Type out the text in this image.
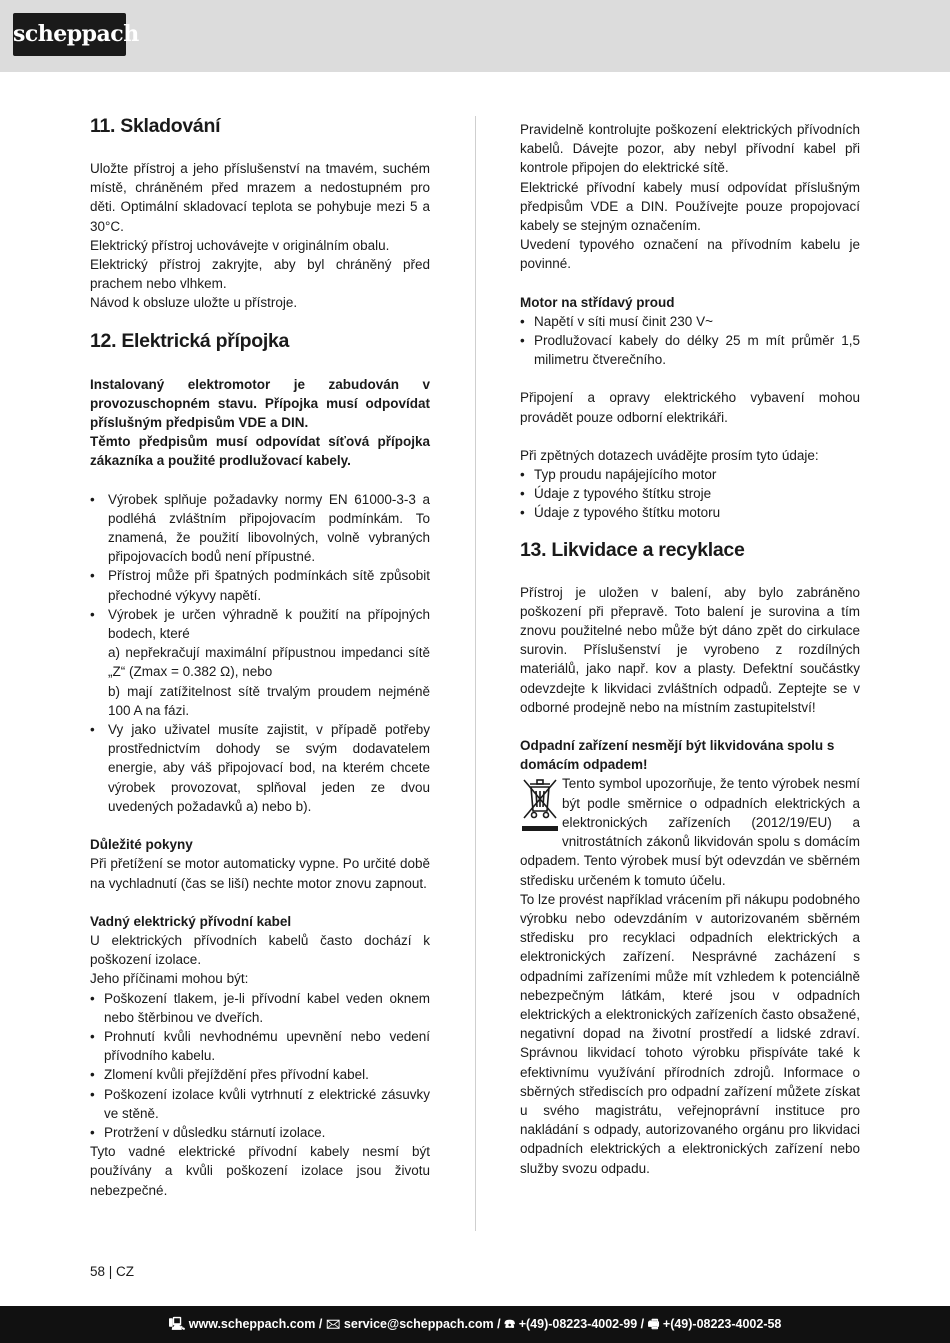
scheppach
11. Skladování

Uložte přístroj a jeho příslušenství na tmavém, suchém místě, chráněném před mrazem a nedostupném pro děti. Optimální skladovací teplota se pohybuje mezi 5 a 30°C.

Elektrický přístroj uchovávejte v originálním obalu.

Elektrický přístroj zakryjte, aby byl chráněný před prachem nebo vlhkem.

Návod k obsluze uložte u přístroje.

12. Elektrická přípojka

Instalovaný elektromotor je zabudován v provozuschopném stavu. Přípojka musí odpovídat příslušným předpisům VDE a DIN.

Těmto předpisům musí odpovídat síťová přípojka zákazníka a použité prodlužovací kabely.

• Výrobek splňuje požadavky normy EN 61000-3-3 a podléhá zvláštním připojovacím podmínkám. To znamená, že použití libovolných, volně vybraných připojovacích bodů není přípustné.
• Přístroj může při špatných podmínkách sítě způsobit přechodné výkyvy napětí.
• Výrobek je určen výhradně k použití na přípojných bodech, které

a) nepřekračují maximální přípustnou impedanci sítě „Z“ (Zmax = 0.382 Ω), nebo

b) mají zatížitelnost sítě trvalým proudem nejméně 100 A na fázi.

• Vy jako uživatel musíte zajistit, v případě potřeby prostřednictvím dohody se svým dodavatelem energie, aby váš připojovací bod, na kterém chcete výrobek provozovat, splňoval jeden ze dvou uvedených požadavků a) nebo b).

Důležité pokyny

Při přetížení se motor automaticky vypne. Po určité době na vychladnutí (čas se liší) nechte motor znovu zapnout.

Vadný elektrický přívodní kabel

U elektrických přívodních kabelů často dochází k poškození izolace.

Jeho příčinami mohou být:

• Poškození tlakem, je-li přívodní kabel veden oknem nebo štěrbinou ve dveřích.
• Prohnutí kvůli nevhodnému upevnění nebo vedení přívodního kabelu.
• Zlomení kvůli přejíždění přes přívodní kabel.
• Poškození izolace kvůli vytrhnutí z elektrické zásuvky ve stěně.
• Protržení v důsledku stárnutí izolace.

Tyto vadné elektrické přívodní kabely nesmí být používány a kvůli poškození izolace jsou životu nebezpečné.

Pravidelně kontrolujte poškození elektrických přívodních kabelů. Dávejte pozor, aby nebyl přívodní kabel při kontrole připojen do elektrické sítě.

Elektrické přívodní kabely musí odpovídat příslušným předpisům VDE a DIN. Používejte pouze propojovací kabely se stejným označením.

Uvedení typového označení na přívodním kabelu je povinné.

Motor na střídavý proud

• Napětí v síti musí činit 230 V~
• Prodlužovací kabely do délky 25 m mít průměr 1,5 milimetru čtverečního.

Připojení a opravy elektrického vybavení mohou provádět pouze odborní elektrikáři.

Při zpětných dotazech uvádějte prosím tyto údaje:

• Typ proudu napájejícího motor
• Údaje z typového štítku stroje
• Údaje z typového štítku motoru
13. Likvidace a recyklace

Přístroj je uložen v balení, aby bylo zabráněno poškození při přepravě. Toto balení je surovina a tím znovu použitelné nebo může být dáno zpět do cirkulace surovin. Příslušenství je vyrobeno z rozdílných materiálů, jako např. kov a plasty. Defektní součástky odevzdejte k likvidaci zvláštních odpadů. Zeptejte se v odborné prodejně nebo na místním zastupitelství!

Odpadní zařízení nesmějí být likvidována spolu s domácím odpadem!

Tento symbol upozorňuje, že tento výrobek nesmí být podle směrnice o odpadních elektrických a elektronických zařízeních (2012/19/EU) a vnitrostátních zákonů likvidován spolu s domácím odpadem. Tento výrobek musí být odevzdán ve sběrném středisku určeném k tomuto účelu.

To lze provést například vrácením při nákupu podobného výrobku nebo odevzdáním v autorizovaném sběrném středisku pro recyklaci odpadních elektrických a elektronických zařízení. Nesprávné zacházení s odpadními zařízeními může mít vzhledem k potenciálně nebezpečným látkám, které jsou v odpadních elektrických a elektronických zařízeních často obsažené, negativní dopad na životní prostředí a lidské zdraví. Správnou likvidací tohoto výrobku přispíváte také k efektivnímu využívání přírodních zdrojů. Informace o sběrných střediscích pro odpadní zařízení můžete získat u svého magistrátu, veřejnoprávní instituce pro nakládání s odpady, autorizovaného orgánu pro likvidaci odpadních elektrických a elektronických zařízení nebo služby svozu odpadu.

58 | CZ
🖳 www.scheppach.com / 🖂 service@scheppach.com / ☎ +(49)-08223-4002-99 / 🖷 +(49)-08223-4002-58
